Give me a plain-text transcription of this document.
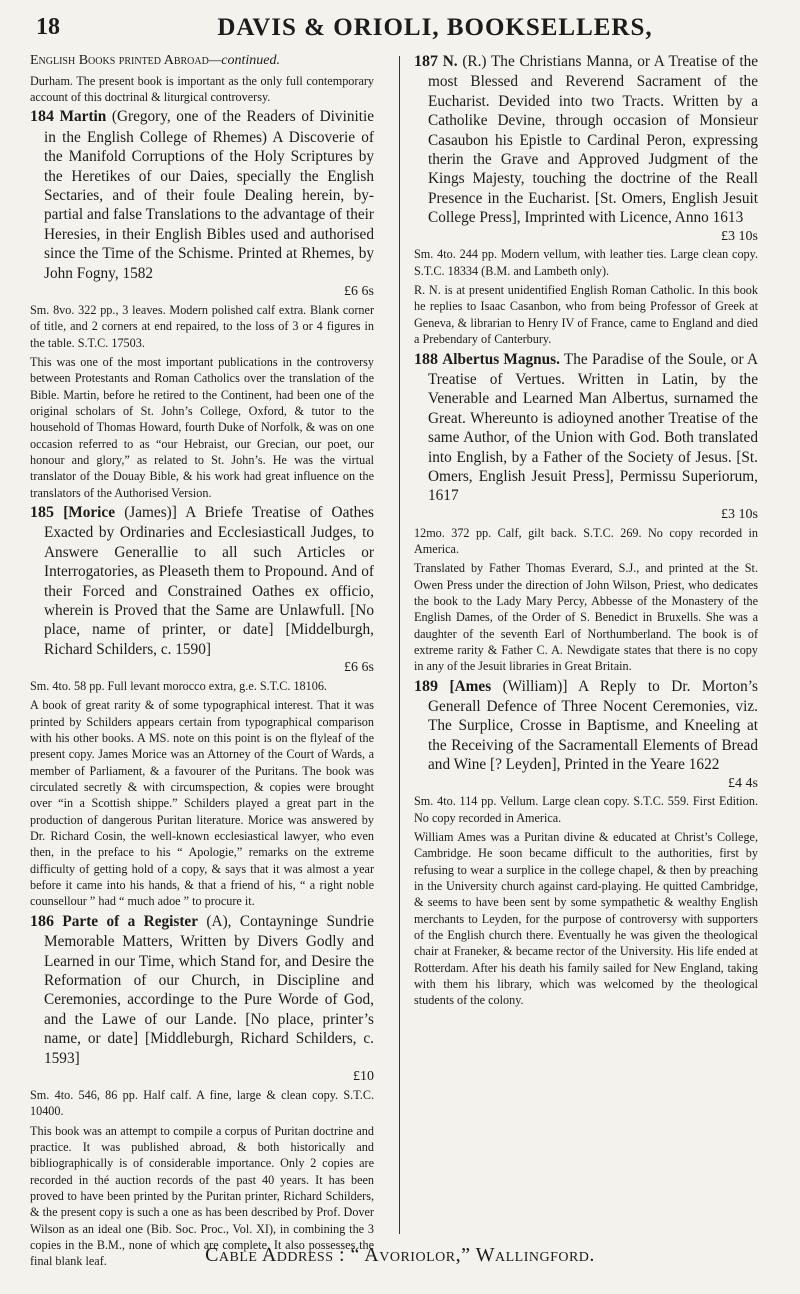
18	DAVIS & ORIOLI, BOOKSELLERS,
English Books printed Abroad—continued.

Durham. The present book is important as the only full contemporary account of this doctrinal & liturgical controversy.

184 Martin (Gregory, one of the Readers of Divinitie in the English College of Rhemes) A Discoverie of the Manifold Corruptions of the Holy Scriptures by the Heretikes of our Daies, specially the English Sectaries, and of their foule Dealing herein, by-partial and false Translations to the advantage of their Heresies, in their English Bibles used and authorised since the Time of the Schisme. Printed at Rhemes, by John Fogny, 1582

£6 6s

Sm. 8vo. 322 pp., 3 leaves. Modern polished calf extra. Blank corner of title, and 2 corners at end repaired, to the loss of 3 or 4 figures in the table. S.T.C. 17503.

This was one of the most important publications in the controversy between Protestants and Roman Catholics over the translation of the Bible. Martin, before he retired to the Continent, had been one of the original scholars of St. John’s College, Oxford, & tutor to the household of Thomas Howard, fourth Duke of Norfolk, & was on one occasion referred to as “our Hebraist, our Grecian, our poet, our honour and glory,” as related to St. John’s. He was the virtual translator of the Douay Bible, & his work had great influence on the translators of the Authorised Version.

185 [Morice (James)] A Briefe Treatise of Oathes Exacted by Ordinaries and Ecclesiasticall Judges, to Answere Generallie to all such Articles or Interrogatories, as Pleaseth them to Propound. And of their Forced and Constrained Oathes ex officio, wherein is Proved that the Same are Unlawfull. [No place, name of printer, or date] [Middelburgh, Richard Schilders, c. 1590]

£6 6s

Sm. 4to. 58 pp. Full levant morocco extra, g.e. S.T.C. 18106.

A book of great rarity & of some typographical interest. That it was printed by Schilders appears certain from typographical comparison with his other books. A MS. note on this point is on the flyleaf of the present copy. James Morice was an Attorney of the Court of Wards, a member of Parliament, & a favourer of the Puritans. The book was circulated secretly & with circumspection, & copies were brought over “in a Scottish shippe.” Schilders played a great part in the production of dangerous Puritan literature. Morice was answered by Dr. Richard Cosin, the well-known ecclesiastical lawyer, who even then, in the preface to his “ Apologie,” remarks on the extreme difficulty of getting hold of a copy, & says that it was almost a year before it came into his hands, & that a friend of his, “ a right noble counsellour ” had “ much adoe ” to procure it.

186 Parte of a Register (A), Contayninge Sundrie Memorable Matters, Written by Divers Godly and Learned in our Time, which Stand for, and Desire the Reformation of our Church, in Discipline and Ceremonies, accordinge to the Pure Worde of God, and the Lawe of our Lande. [No place, printer’s name, or date] [Middleburgh, Richard Schilders, c. 1593]

£10

Sm. 4to. 546, 86 pp. Half calf. A fine, large & clean copy. S.T.C. 10400.

This book was an attempt to compile a corpus of Puritan doctrine and practice. It was published abroad, & both historically and bibliographically is of considerable importance. Only 2 copies are recorded in thé auction records of the past 40 years. It has been proved to have been printed by the Puritan printer, Richard Schilders, & the present copy is such a one as has been described by Prof. Dover Wilson as an ideal one (Bib. Soc. Proc., Vol. XI), in combining the 3 copies in the B.M., none of which are complete. It also possesses the final blank leaf.

187 N. (R.) The Christians Manna, or A Treatise of the most Blessed and Reverend Sacrament of the Eucharist. Devided into two Tracts. Written by a Catholike Devine, through occasion of Monsieur Casaubon his Epistle to Cardinal Peron, expressing therin the Grave and Approved Judgment of the Kings Majesty, touching the doctrine of the Reall Presence in the Eucharist. [St. Omers, English Jesuit College Press], Imprinted with Licence, Anno 1613

£3 10s

Sm. 4to. 244 pp. Modern vellum, with leather ties. Large clean copy. S.T.C. 18334 (B.M. and Lambeth only).

R. N. is at present unidentified English Roman Catholic. In this book he replies to Isaac Casanbon, who from being Professor of Greek at Geneva, & librarian to Henry IV of France, came to England and died a Prebendary of Canterbury.

188 Albertus Magnus. The Paradise of the Soule, or A Treatise of Vertues. Written in Latin, by the Venerable and Learned Man Albertus, surnamed the Great. Whereunto is adioyned another Treatise of the same Author, of the Union with God. Both translated into English, by a Father of the Society of Jesus. [St. Omers, English Jesuit Press], Permissu Superiorum, 1617

£3 10s

12mo. 372 pp. Calf, gilt back. S.T.C. 269. No copy recorded in America.

Translated by Father Thomas Everard, S.J., and printed at the St. Owen Press under the direction of John Wilson, Priest, who dedicates the book to the Lady Mary Percy, Abbesse of the Monastery of the English Dames, of the Order of S. Benedict in Bruxells. She was a daughter of the seventh Earl of Northumberland. The book is of extreme rarity & Father C. A. Newdigate states that there is no copy in any of the Jesuit libraries in Great Britain.

189 [Ames (William)] A Reply to Dr. Morton’s Generall Defence of Three Nocent Ceremonies, viz. The Surplice, Crosse in Baptisme, and Kneeling at the Receiving of the Sacramentall Elements of Bread and Wine [? Leyden], Printed in the Yeare 1622

£4 4s

Sm. 4to. 114 pp. Vellum. Large clean copy. S.T.C. 559. First Edition. No copy recorded in America.

William Ames was a Puritan divine & educated at Christ’s College, Cambridge. He soon became difficult to the authorities, first by refusing to wear a surplice in the college chapel, & then by preaching in the University church against card-playing. He quitted Cambridge, & seems to have been sent by some sympathetic & wealthy English merchants to Leyden, for the purpose of controversy with supporters of the English church there. Eventually he was given the theological chair at Franeker, & became rector of the University. His life ended at Rotterdam. After his death his family sailed for New England, taking with them his library, which was welcomed by the theological students of the colony.

Cable Address : “ Avoriolor,” Wallingford.
